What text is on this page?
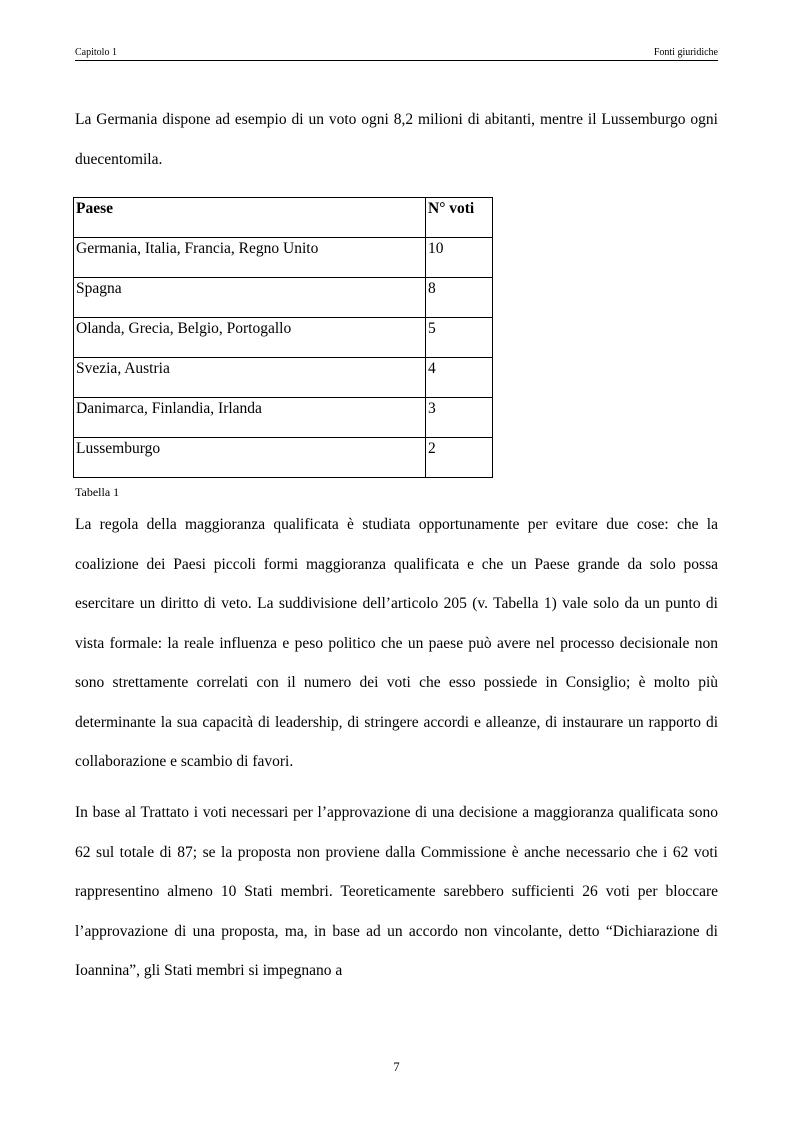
Capitolo 1	Fonti giuridiche

La Germania dispone ad esempio di un voto ogni 8,2 milioni di abitanti, mentre il Lussemburgo ogni duecentomila.

Paese	N° voti
Germania, Italia, Francia, Regno Unito	10
Spagna	8
Olanda, Grecia, Belgio, Portogallo	5
Svezia, Austria	4
Danimarca, Finlandia, Irlanda	3
Lussemburgo	2
Tabella 1

La regola della maggioranza qualificata è studiata opportunamente per evitare due cose: che la coalizione dei Paesi piccoli formi maggioranza qualificata e che un Paese grande da solo possa esercitare un diritto di veto. La suddivisione dell’articolo 205 (v. Tabella 1) vale solo da un punto di vista formale: la reale influenza e peso politico che un paese può avere nel processo decisionale non sono strettamente correlati con il numero dei voti che esso possiede in Consiglio; è molto più determinante la sua capacità di leadership, di stringere accordi e alleanze, di instaurare un rapporto di collaborazione e scambio di favori.

In base al Trattato i voti necessari per l’approvazione di una decisione a maggioranza qualificata sono 62 sul totale di 87; se la proposta non proviene dalla Commissione è anche necessario che i 62 voti rappresentino almeno 10 Stati membri. Teoreticamente sarebbero sufficienti 26 voti per bloccare l’approvazione di una proposta, ma, in base ad un accordo non vincolante, detto “Dichiarazione di Ioannina”, gli Stati membri si impegnano a

7
